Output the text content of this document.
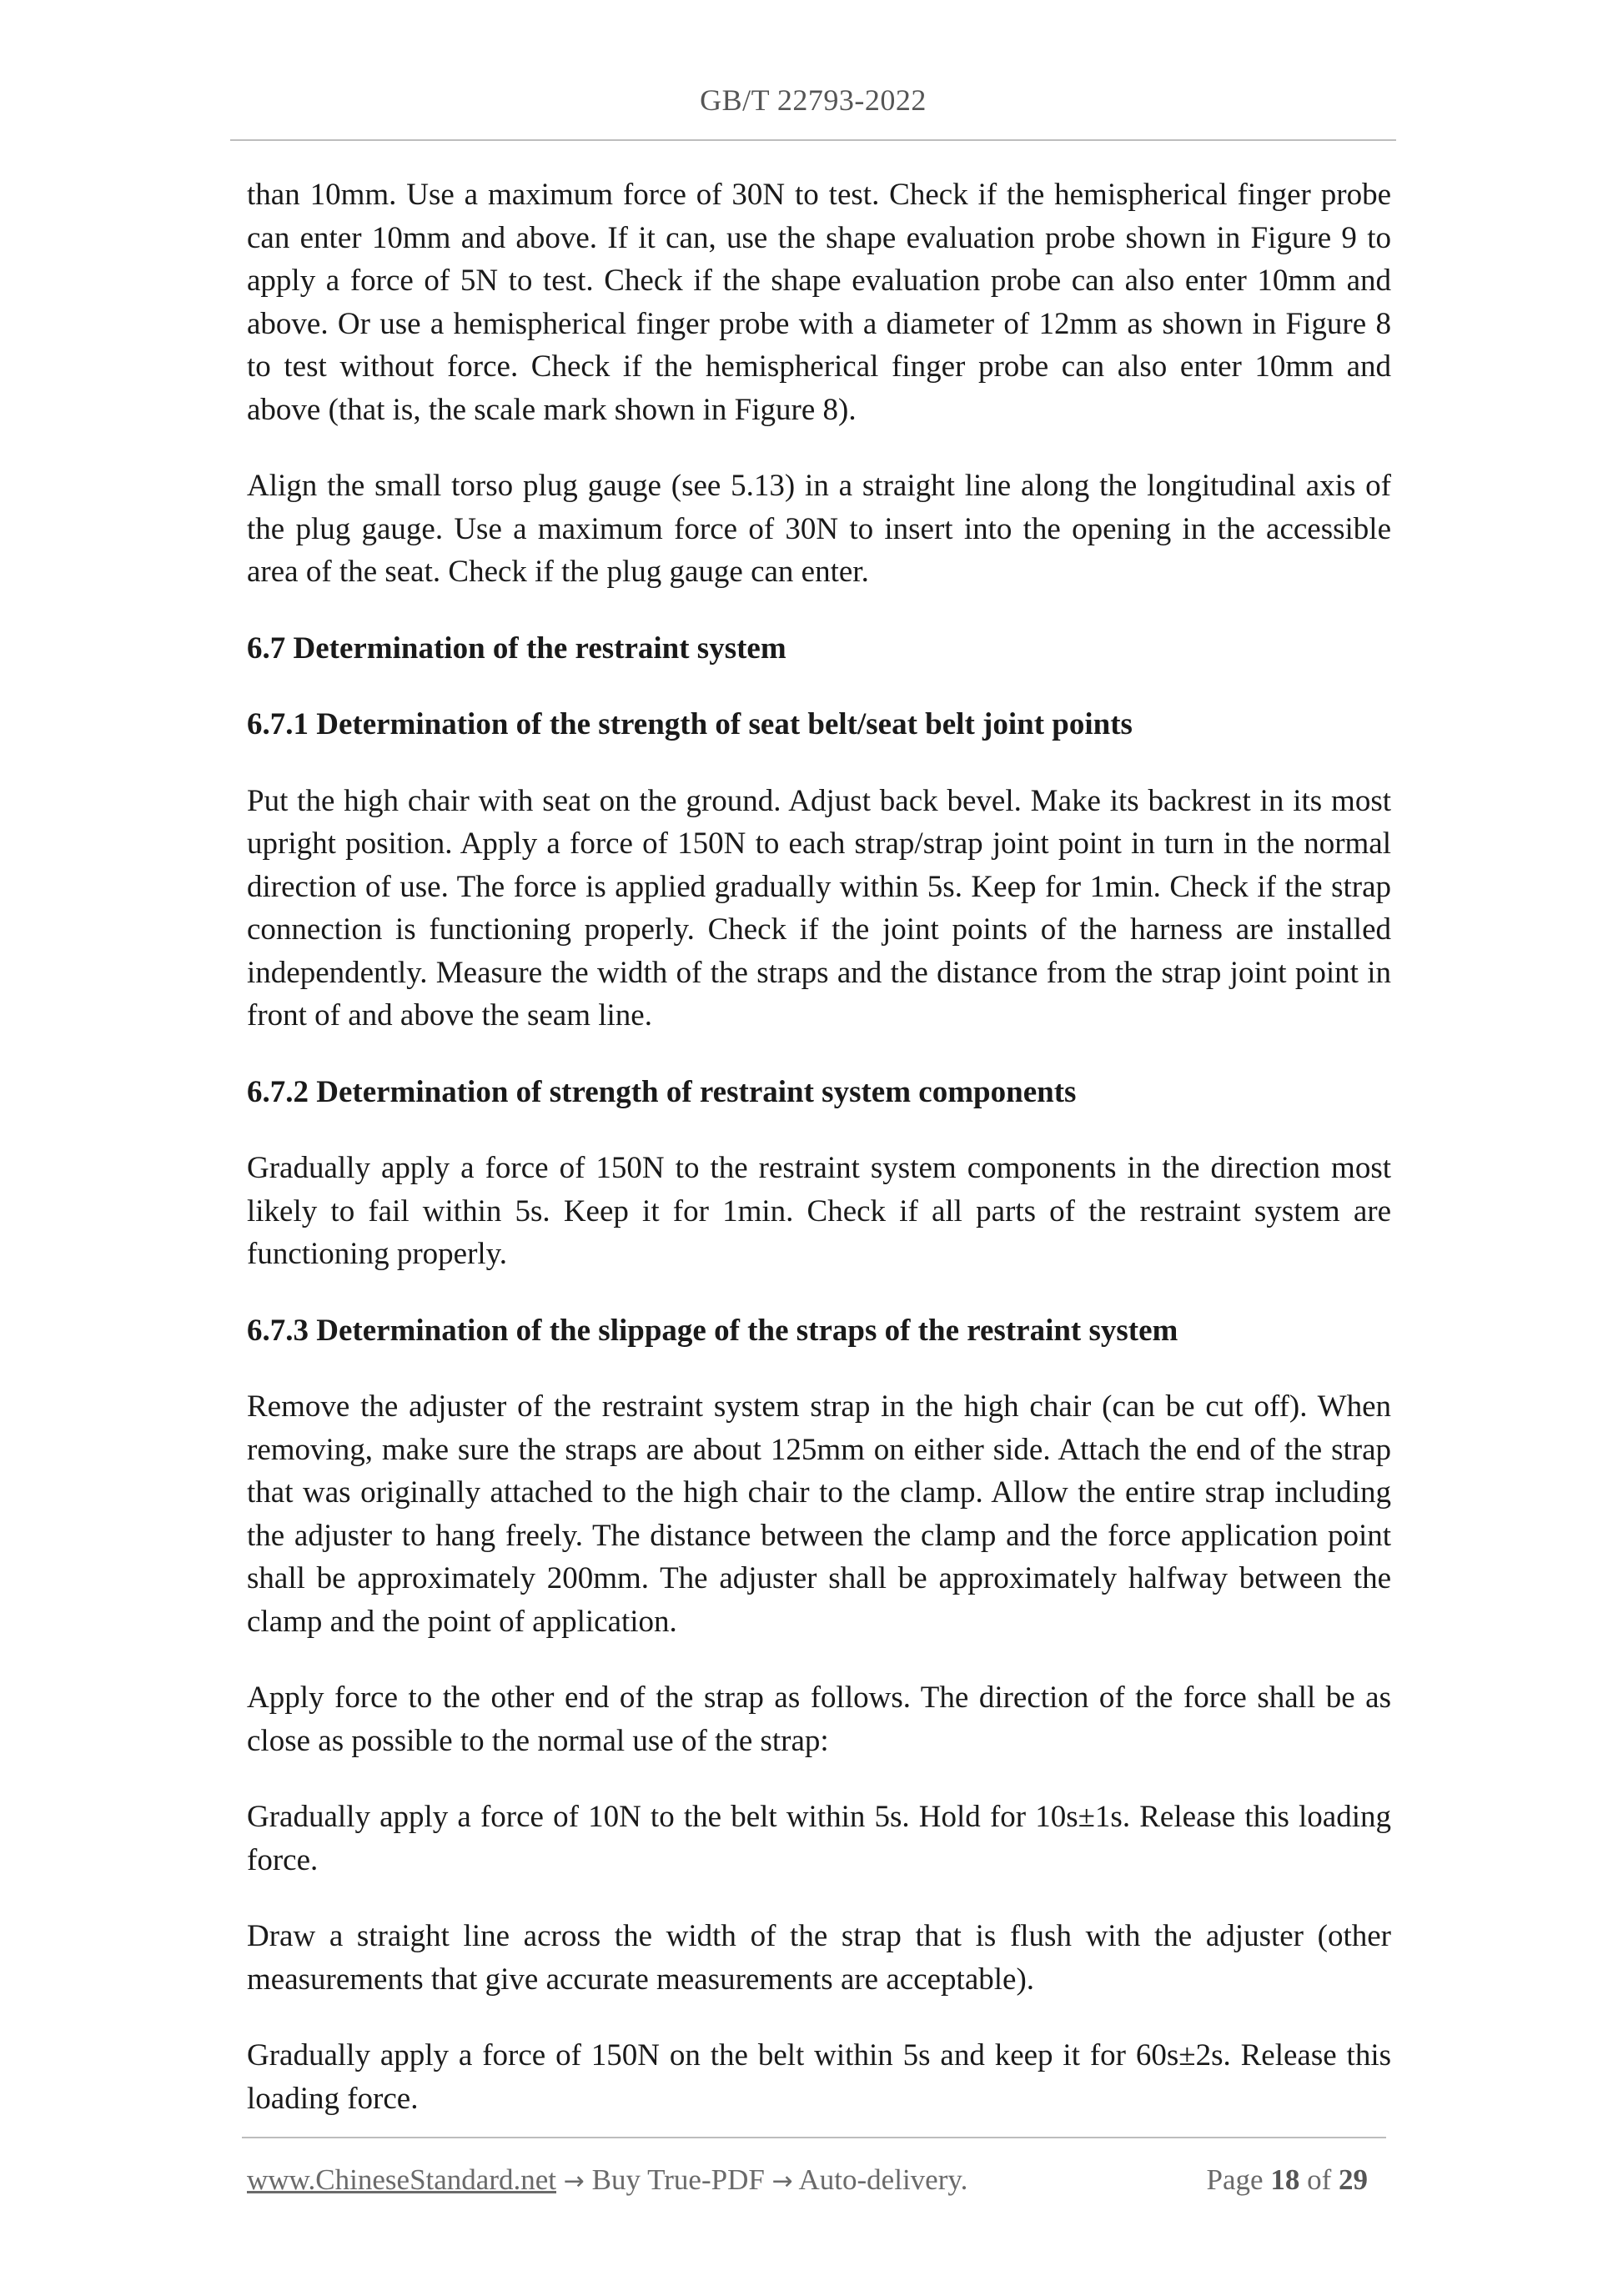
GB/T 22793-2022

than 10mm. Use a maximum force of 30N to test. Check if the hemispherical finger probe can enter 10mm and above. If it can, use the shape evaluation probe shown in Figure 9 to apply a force of 5N to test. Check if the shape evaluation probe can also enter 10mm and above. Or use a hemispherical finger probe with a diameter of 12mm as shown in Figure 8 to test without force. Check if the hemispherical finger probe can also enter 10mm and above (that is, the scale mark shown in Figure 8).

Align the small torso plug gauge (see 5.13) in a straight line along the longitudinal axis of the plug gauge. Use a maximum force of 30N to insert into the opening in the accessible area of the seat. Check if the plug gauge can enter.

6.7 Determination of the restraint system

6.7.1 Determination of the strength of seat belt/seat belt joint points

Put the high chair with seat on the ground. Adjust back bevel. Make its backrest in its most upright position. Apply a force of 150N to each strap/strap joint point in turn in the normal direction of use. The force is applied gradually within 5s. Keep for 1min. Check if the strap connection is functioning properly. Check if the joint points of the harness are installed independently. Measure the width of the straps and the distance from the strap joint point in front of and above the seam line.

6.7.2 Determination of strength of restraint system components

Gradually apply a force of 150N to the restraint system components in the direction most likely to fail within 5s. Keep it for 1min. Check if all parts of the restraint system are functioning properly.

6.7.3 Determination of the slippage of the straps of the restraint system

Remove the adjuster of the restraint system strap in the high chair (can be cut off). When removing, make sure the straps are about 125mm on either side. Attach the end of the strap that was originally attached to the high chair to the clamp. Allow the entire strap including the adjuster to hang freely. The distance between the clamp and the force application point shall be approximately 200mm. The adjuster shall be approximately halfway between the clamp and the point of application.

Apply force to the other end of the strap as follows. The direction of the force shall be as close as possible to the normal use of the strap:

Gradually apply a force of 10N to the belt within 5s. Hold for 10s±1s. Release this loading force.

Draw a straight line across the width of the strap that is flush with the adjuster (other measurements that give accurate measurements are acceptable).

Gradually apply a force of 150N on the belt within 5s and keep it for 60s±2s. Release this loading force.

www.ChineseStandard.net → Buy True-PDF → Auto-delivery.	Page 18 of 29
